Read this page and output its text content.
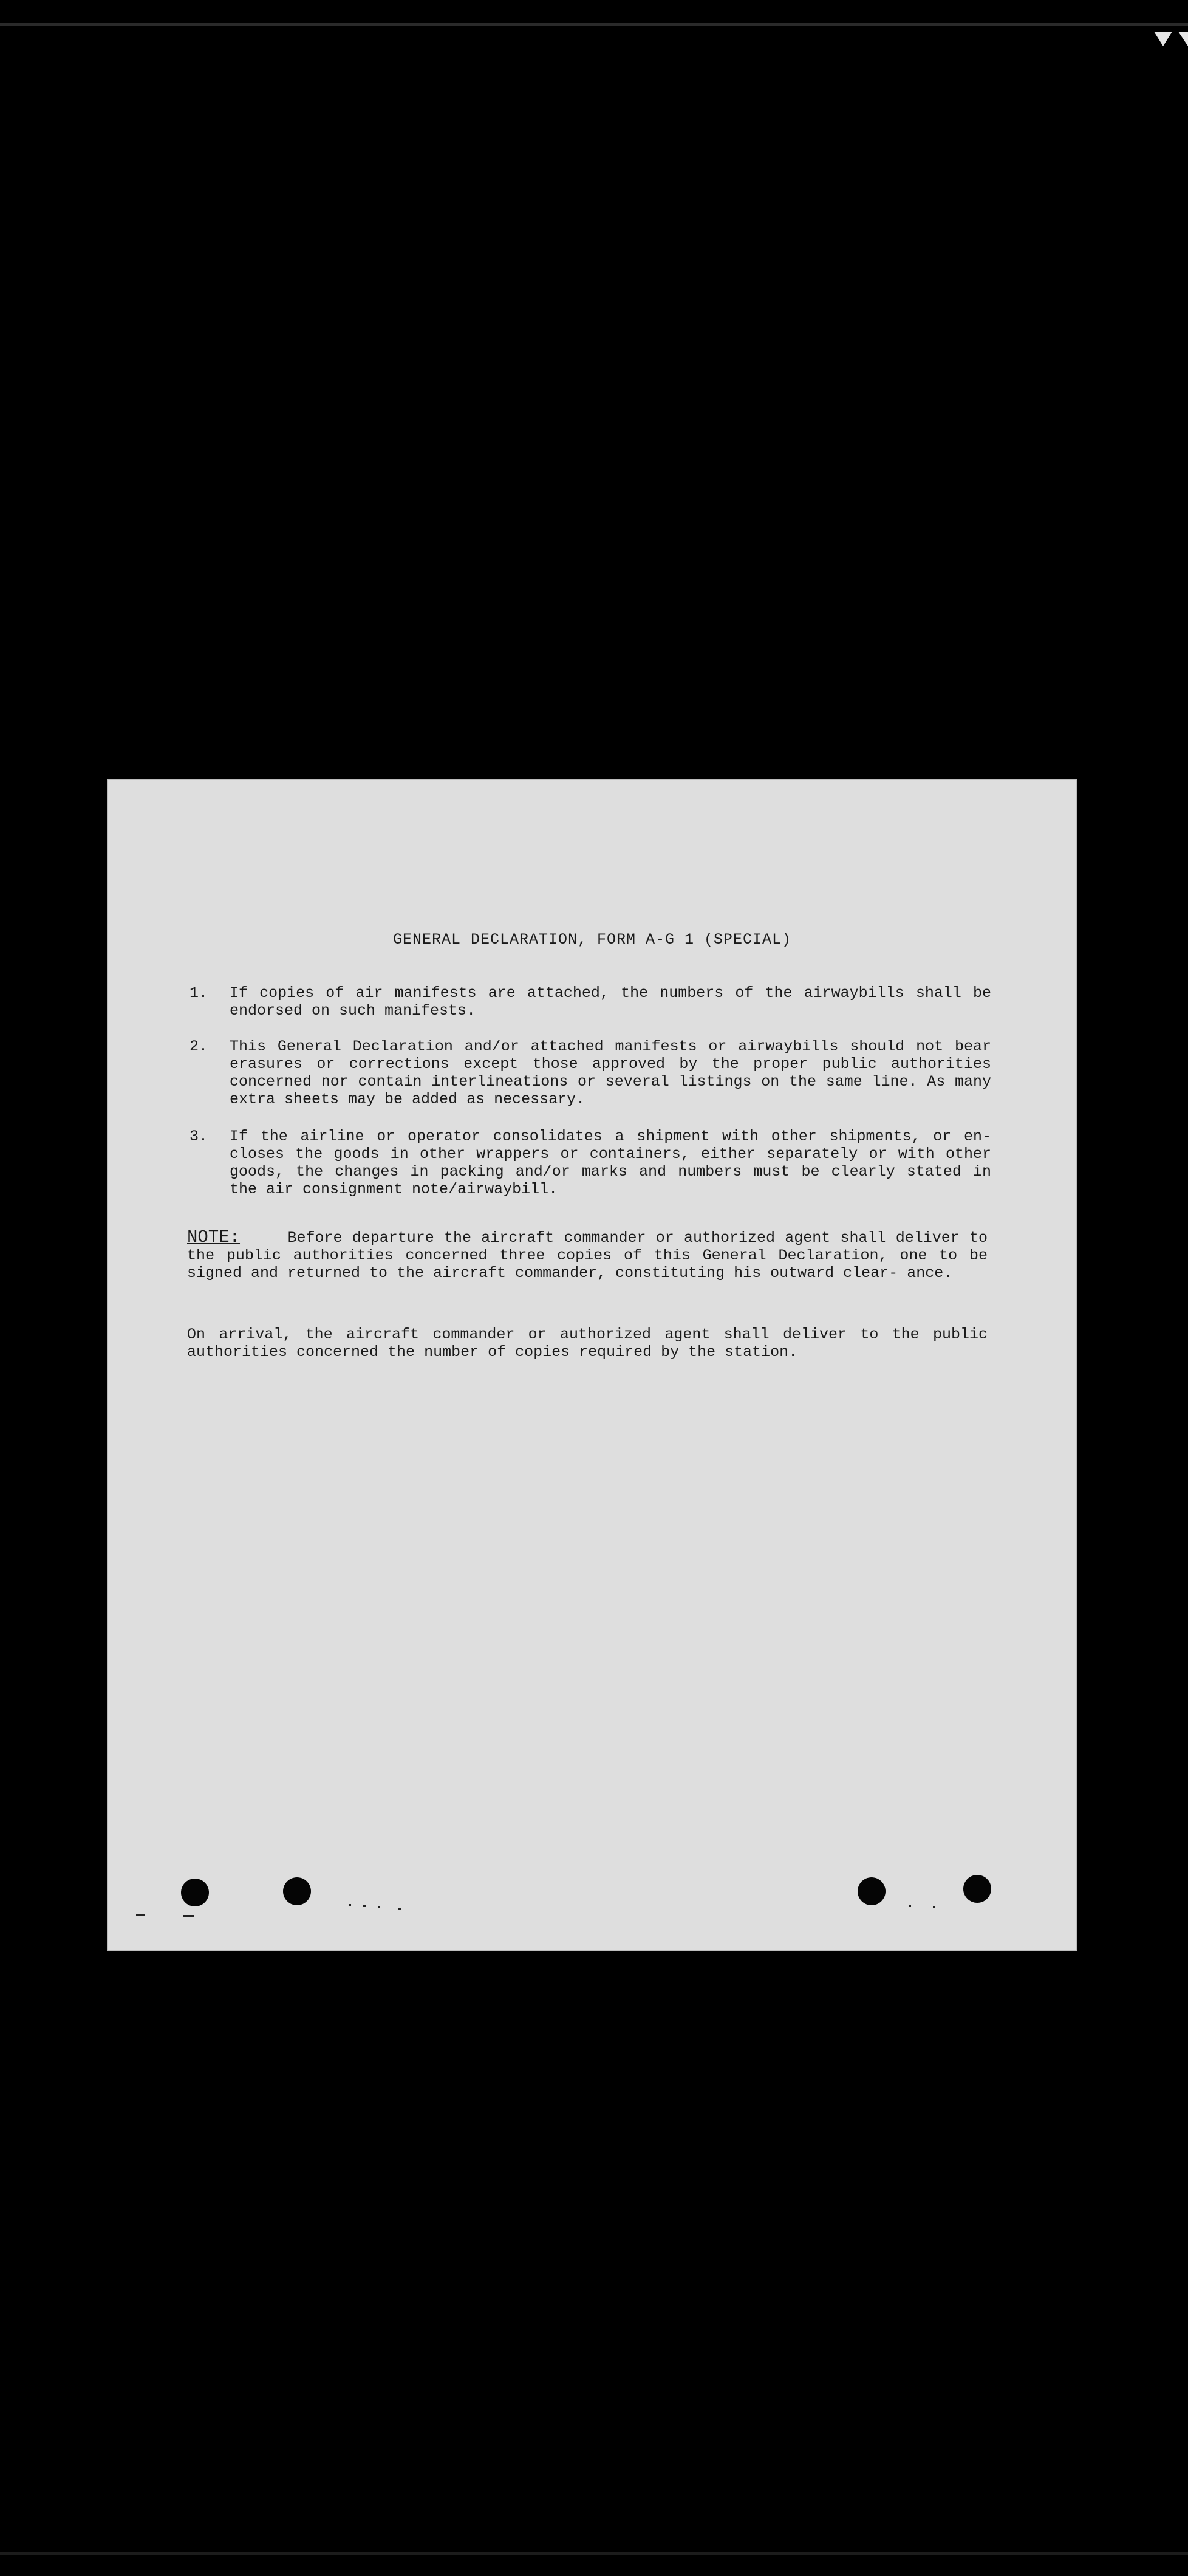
GENERAL DECLARATION, FORM A-G 1 (SPECIAL)
1. If copies of air manifests are attached, the numbers of the airwaybills shall be endorsed on such manifests.
2. This General Declaration and/or attached manifests or airwaybills should not bear erasures or corrections except those approved by the proper public authorities concerned nor contain interlineations or several listings on the same line. As many extra sheets may be added as necessary.
3. If the airline or operator consolidates a shipment with other shipments, or en- closes the goods in other wrappers or containers, either separately or with other goods, the changes in packing and/or marks and numbers must be clearly stated in the air consignment note/airwaybill.
NOTE:	Before departure the aircraft commander or authorized agent shall deliver to the public authorities concerned three copies of this General Declaration, one to be signed and returned to the aircraft commander, constituting his outward clear- ance.
On arrival, the aircraft commander or authorized agent shall deliver to the public authorities concerned the number of copies required by the station.
